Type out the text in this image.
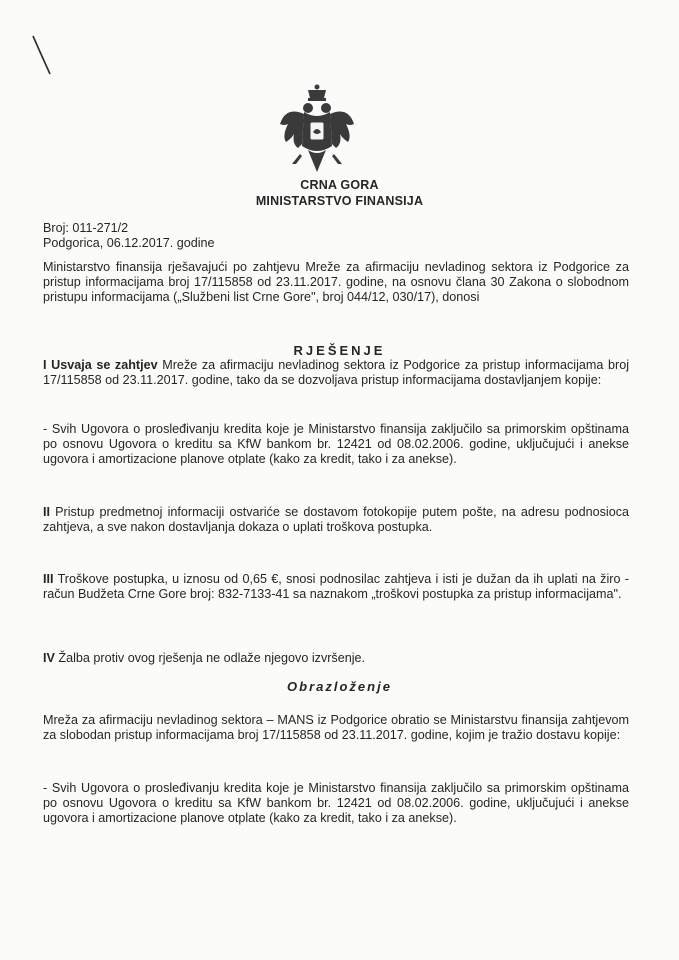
CRNA GORA
MINISTARSTVO FINANSIJA
Broj: 011-271/2
Podgorica, 06.12.2017. godine
Ministarstvo finansija rješavajući po zahtjevu Mreže za afirmaciju nevladinog sektora iz Podgorice za pristup informacijama broj 17/115858 od 23.11.2017. godine, na osnovu člana 30 Zakona o slobodnom pristupu informacijama („Službeni list Crne Gore", broj 044/12, 030/17), donosi
RJEŠENJE
I Usvaja se zahtjev Mreže za afirmaciju nevladinog sektora iz Podgorice za pristup informacijama broj 17/115858 od 23.11.2017. godine, tako da se dozvoljava pristup informacijama dostavljanjem kopije:
- Svih Ugovora o prosleđivanju kredita koje je Ministarstvo finansija zaključilo sa primorskim opštinama po osnovu Ugovora o kreditu sa KfW bankom br. 12421 od 08.02.2006. godine, uključujući i anekse ugovora i amortizacione planove otplate (kako za kredit, tako i za anekse).
II Pristup predmetnoj informaciji ostvariće se dostavom fotokopije putem pošte, na adresu podnosioca zahtjeva, a sve nakon dostavljanja dokaza o uplati troškova postupka.
III Troškove postupka, u iznosu od 0,65 €, snosi podnosilac zahtjeva i isti je dužan da ih uplati na žiro - račun Budžeta Crne Gore broj: 832-7133-41 sa naznakom „troškovi postupka za pristup informacijama".
IV Žalba protiv ovog rješenja ne odlaže njegovo izvršenje.
Obrazloženje
Mreža za afirmaciju nevladinog sektora – MANS iz Podgorice obratio se Ministarstvu finansija zahtjevom za slobodan pristup informacijama broj 17/115858 od 23.11.2017. godine, kojim je tražio dostavu kopije:
- Svih Ugovora o prosleđivanju kredita koje je Ministarstvo finansija zaključilo sa primorskim opštinama po osnovu Ugovora o kreditu sa KfW bankom br. 12421 od 08.02.2006. godine, uključujući i anekse ugovora i amortizacione planove otplate (kako za kredit, tako i za anekse).
